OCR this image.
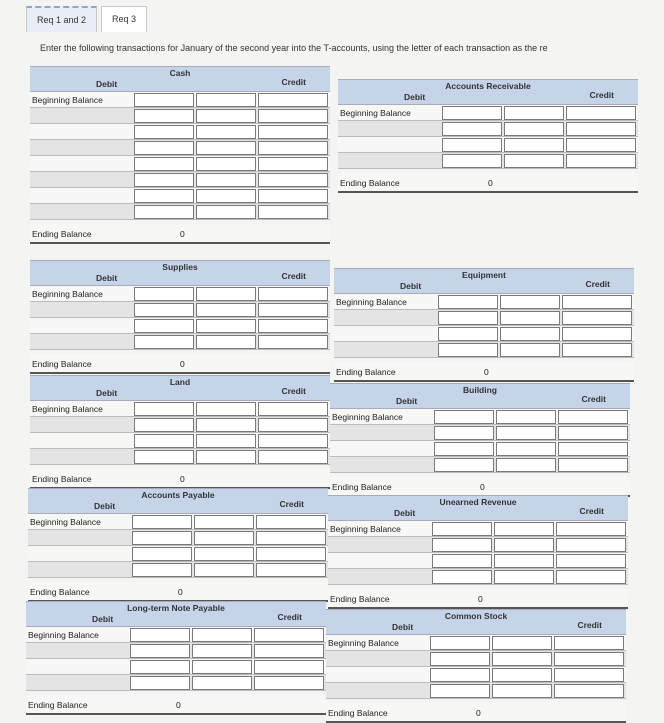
Req 1 and 2	Req 3
Enter the following transactions for January of the second year into the T-accounts, using the letter of each transaction as the re
Cash
Debit	Credit
Beginning Balance
Ending Balance	0
Accounts Receivable
Debit	Credit
Beginning Balance
Ending Balance	0
Supplies
Debit	Credit
Beginning Balance
Ending Balance	0
Equipment
Debit	Credit
Beginning Balance
Ending Balance	0
Land
Debit	Credit
Beginning Balance
Ending Balance	0
Building
Debit	Credit
Beginning Balance
Ending Balance	0
Accounts Payable
Debit	Credit
Beginning Balance
Ending Balance	0
Unearned Revenue
Debit	Credit
Beginning Balance
Ending Balance	0
Long-term Note Payable
Debit	Credit
Beginning Balance
Ending Balance	0
Common Stock
Debit	Credit
Beginning Balance
Ending Balance	0
